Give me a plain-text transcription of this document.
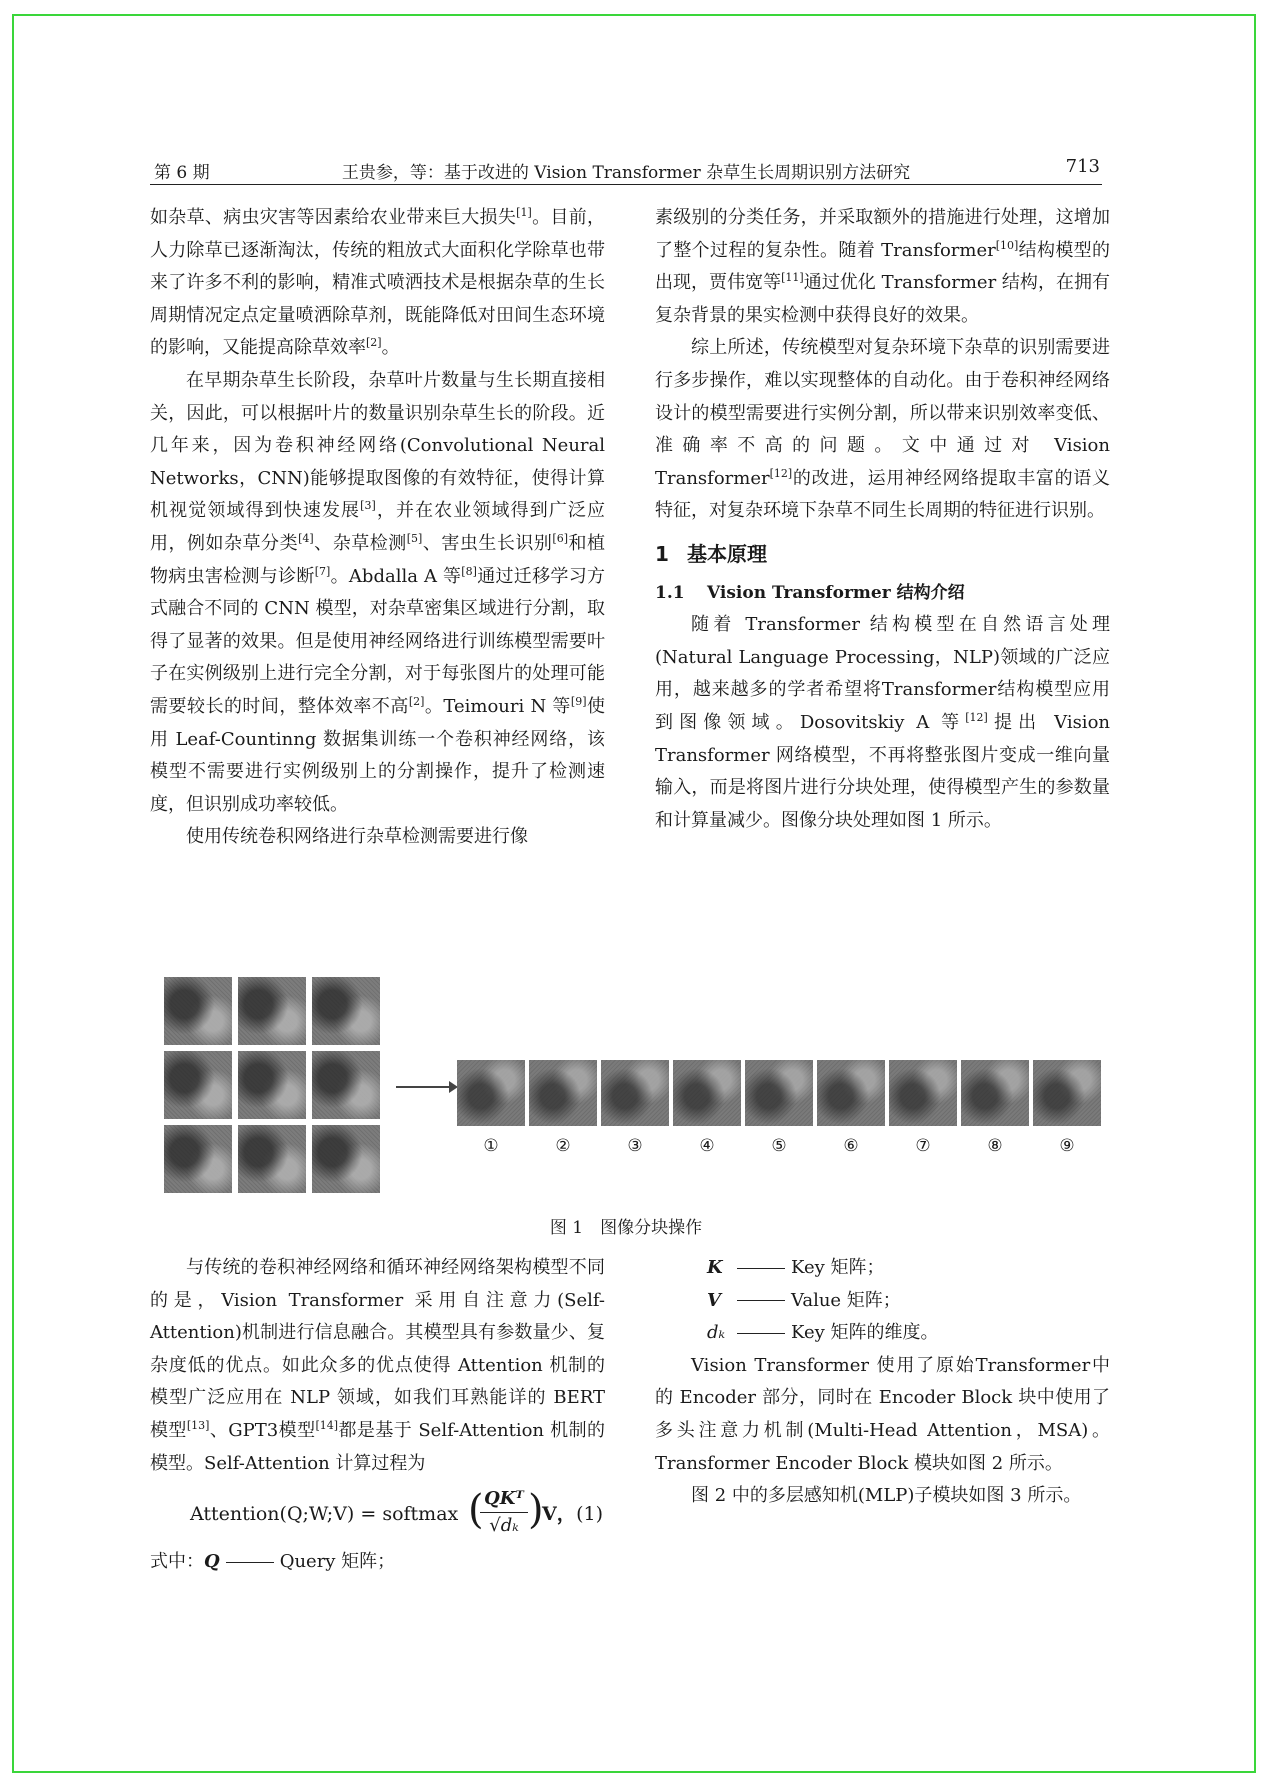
第 6 期	王贵参，等：基于改进的 Vision Transformer 杂草生长周期识别方法研究	713

如杂草、病虫灾害等因素给农业带来巨大损失[1]。目前，人力除草已逐渐淘汰，传统的粗放式大面积化学除草也带来了许多不利的影响，精准式喷洒技术是根据杂草的生长周期情况定点定量喷洒除草剂，既能降低对田间生态环境的影响，又能提高除草效率[2]。

在早期杂草生长阶段，杂草叶片数量与生长期直接相关，因此，可以根据叶片的数量识别杂草生长的阶段。近几年来，因为卷积神经网络(Convolutional Neural Networks，CNN)能够提取图像的有效特征，使得计算机视觉领域得到快速发展[3]，并在农业领域得到广泛应用，例如杂草分类[4]、杂草检测[5]、害虫生长识别[6]和植物病虫害检测与诊断[7]。Abdalla A 等[8]通过迁移学习方式融合不同的 CNN 模型，对杂草密集区域进行分割，取得了显著的效果。但是使用神经网络进行训练模型需要叶子在实例级别上进行完全分割，对于每张图片的处理可能需要较长的时间，整体效率不高[2]。Teimouri N 等[9]使用 Leaf-Countinng 数据集训练一个卷积神经网络，该模型不需要进行实例级别上的分割操作，提升了检测速度，但识别成功率较低。

使用传统卷积网络进行杂草检测需要进行像

素级别的分类任务，并采取额外的措施进行处理，这增加了整个过程的复杂性。随着 Transformer[10]结构模型的出现，贾伟宽等[11]通过优化 Transformer 结构，在拥有复杂背景的果实检测中获得良好的效果。

综上所述，传统模型对复杂环境下杂草的识别需要进行多步操作，难以实现整体的自动化。由于卷积神经网络设计的模型需要进行实例分割，所以带来识别效率变低、准确率不高的问题。文中通过对 Vision Transformer[12]的改进，运用神经网络提取丰富的语义特征，对复杂环境下杂草不同生长周期的特征进行识别。

1 基本原理

1.1 Vision Transformer 结构介绍

随着 Transformer 结构模型在自然语言处理(Natural Language Processing，NLP)领域的广泛应用，越来越多的学者希望将Transformer结构模型应用到图像领域。Dosovitskiy A 等[12]提出 Vision Transformer 网络模型，不再将整张图片变成一维向量输入，而是将图片进行分块处理，使得模型产生的参数量和计算量减少。图像分块处理如图 1 所示。

①	②	③	④	⑤	⑥	⑦	⑧	⑨
图 1　图像分块操作

与传统的卷积神经网络和循环神经网络架构模型不同的是，Vision Transformer 采用自注意力(Self-Attention)机制进行信息融合。其模型具有参数量少、复杂度低的优点。如此众多的优点使得 Attention 机制的模型广泛应用在 NLP 领域，如我们耳熟能详的 BERT 模型[13]、GPT3模型[14]都是基于 Self-Attention 机制的模型。Self-Attention 计算过程为

Attention(Q;W;V) = softmax ( QKᵀ
√dₖ )
V， (1)

式中：Q	Query 矩阵；

K	Key 矩阵；

V	Value 矩阵；

dₖ	Key 矩阵的维度。

Vision Transformer 使用了原始Transformer中的 Encoder 部分，同时在 Encoder Block 块中使用了多头注意力机制(Multi-Head Attention，MSA)。Transformer Encoder Block 模块如图 2 所示。

图 2 中的多层感知机(MLP)子模块如图 3 所示。
